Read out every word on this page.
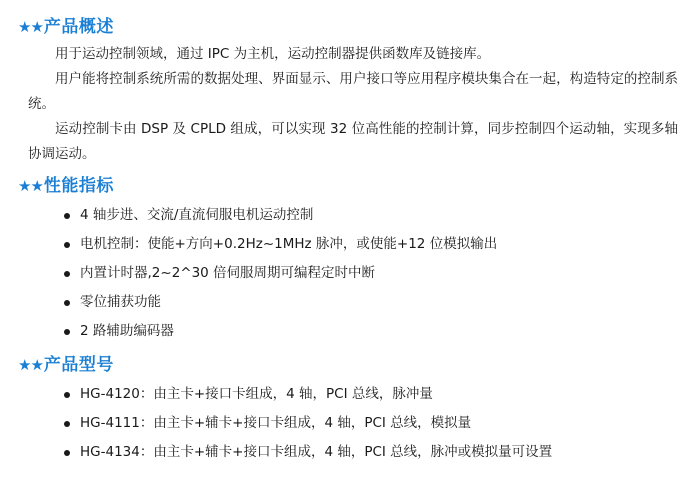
★★ 产品概述

用于运动控制领域，通过 IPC 为主机，运动控制器提供函数库及链接库。

用户能将控制系统所需的数据处理、界面显示、用户接口等应用程序模块集合在一起，构造特定的控制系统。

运动控制卡由 DSP 及 CPLD 组成，可以实现 32 位高性能的控制计算，同步控制四个运动轴，实现多轴协调运动。

★★ 性能指标
4 轴步进、交流/直流伺服电机运动控制
电机控制：使能+方向+0.2Hz~1MHz 脉冲，或使能+12 位模拟输出
内置计时器,2~2^30 倍伺服周期可编程定时中断
零位捕获功能
2 路辅助编码器
★★ 产品型号
HG-4120：由主卡+接口卡组成，4 轴，PCI 总线，脉冲量
HG-4111：由主卡+辅卡+接口卡组成，4 轴，PCI 总线，模拟量
HG-4134：由主卡+辅卡+接口卡组成，4 轴，PCI 总线，脉冲或模拟量可设置
